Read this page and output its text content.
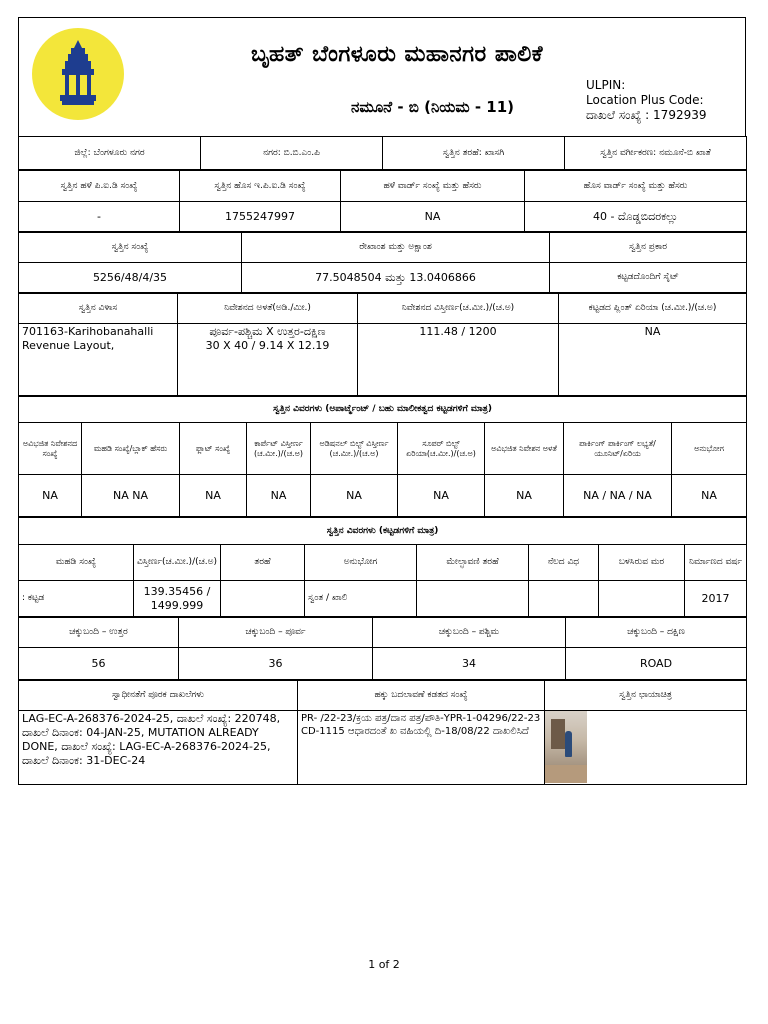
ಬೃಹತ್ ಬೆಂಗಳೂರು ಮಹಾನಗರ ಪಾಲಿಕೆ
ನಮೂನೆ - ಬಿ (ನಿಯಮ - 11)
ULPIN:
Location Plus Code:
ದಾಖಲೆ ಸಂಖ್ಯೆ : 1792939
ಜಿಲ್ಲೆ: ಬೆಂಗಳೂರು ನಗರ	ನಗರ: ಬಿ.ಬಿ.ಎಂ.ಪಿ	ಸ್ವತ್ತಿನ ತರಹೆ: ಖಾಸಗಿ	ಸ್ವತ್ತಿನ ವರ್ಗೀಕರಣ: ನಮೂನೆ-ಬಿ ಖಾತೆ
ಸ್ವತ್ತಿನ ಹಳೆ ಪಿ.ಐ.ಡಿ ಸಂಖ್ಯೆ	ಸ್ವತ್ತಿನ ಹೊಸ ಇ.ಪಿ.ಐ.ಡಿ ಸಂಖ್ಯೆ	ಹಳೆ ವಾರ್ಡ್ ಸಂಖ್ಯೆ ಮತ್ತು ಹೆಸರು	ಹೊಸ ವಾರ್ಡ್ ಸಂಖ್ಯೆ ಮತ್ತು ಹೆಸರು
-	1755247997	NA	40 - ದೊಡ್ಡಬಿದರಕಲ್ಲು
ಸ್ವತ್ತಿನ ಸಂಖ್ಯೆ	ರೇಖಾಂಶ ಮತ್ತು ಅಕ್ಷಾಂಶ	ಸ್ವತ್ತಿನ ಪ್ರಕಾರ
5256/48/4/35	77.5048504 ಮತ್ತು 13.0406866	ಕಟ್ಟಡದೊಂದಿಗೆ ಸೈಟ್
ಸ್ವತ್ತಿನ ವಿಳಾಸ	ನಿವೇಶನದ ಅಳತೆ(ಅಡಿ./ಮೀ.)	ನಿವೇಶನದ ವಿಸ್ತೀರ್ಣ(ಚ.ಮೀ.)/(ಚ.ಅ)	ಕಟ್ಟಡದ ಪ್ಲಿಂತ್ ಏರಿಯಾ (ಚ.ಮೀ.)/(ಚ.ಅ)
701163-Karihobanahalli Revenue Layout,	ಪೂರ್ವ-ಪಶ್ಚಿಮ X ಉತ್ತರ-ದಕ್ಷಿಣ
30 X 40 / 9.14 X 12.19	111.48 / 1200	NA
ಸ್ವತ್ತಿನ ವಿವರಗಳು (ಅಪಾರ್ಟ್ಮೆಂಟ್ / ಬಹು ಮಾಲೀಕತ್ವದ ಕಟ್ಟಡಗಳಿಗೆ ಮಾತ್ರ)								
ಅವಿಭಜಿತ ನಿವೇಶನದ ಸಂಖ್ಯೆ	ಮಹಡಿ ಸಂಖ್ಯೆ/ಬ್ಲಾಕ್ ಹೆಸರು	ಫ್ಲಾಟ್ ಸಂಖ್ಯೆ	ಕಾರ್ಪೆಟ್ ವಿಸ್ತೀರ್ಣ (ಚ.ಮೀ.)/(ಚ.ಅ)	ಅಡಿಷನಲ್ ಬಿಲ್ಟ್ ವಿಸ್ತೀರ್ಣ (ಚ.ಮೀ.)/(ಚ.ಅ)	ಸೂಪರ್ ಬಿಲ್ಟ್ ಏರಿಯಾ(ಚ.ಮೀ.)/(ಚ.ಅ)	ಅವಿಭಜಿತ ನಿವೇಶನ ಅಳತೆ	ಪಾರ್ಕಿಂಗ್ ಪಾರ್ಕಿಂಗ್ ಲಭ್ಯತೆ/ಯೂನಿಟ್/ಏರಿಯ	ಅನುಭೋಗ
NA	NA NA	NA	NA	NA	NA	NA	NA / NA / NA	NA
ಸ್ವತ್ತಿನ ವಿವರಗಳು (ಕಟ್ಟಡಗಳಿಗೆ ಮಾತ್ರ)							
ಮಹಡಿ ಸಂಖ್ಯೆ	ವಿಸ್ತೀರ್ಣ(ಚ.ಮೀ.)/(ಚ.ಅ)	ತರಹೆ	ಅನುಭೋಗ	ಮೇಲ್ಛಾವಣಿ ತರಹೆ	ನೆಲದ ವಿಧ	ಬಳಸಿರುವ ಮರ	ನಿರ್ಮಾಣದ ವರ್ಷ
: ಕಟ್ಟಡ	139.35456 / 1499.999		ಸ್ವಂತ / ಖಾಲಿ				2017
ಚಕ್ಕುಬಂದಿ – ಉತ್ತರ	ಚಕ್ಕುಬಂದಿ – ಪೂರ್ವ	ಚಕ್ಕುಬಂದಿ – ಪಶ್ಚಿಮ	ಚಕ್ಕುಬಂದಿ – ದಕ್ಷಿಣ
56	36	34	ROAD
ಸ್ವಾಧೀನತೆಗೆ ಪೂರಕ ದಾಖಲೆಗಳು	ಹಕ್ಕು ಬದಲಾವಣೆ ಕಡತದ ಸಂಖ್ಯೆ	ಸ್ವತ್ತಿನ ಛಾಯಾಚಿತ್ರ
LAG-EC-A-268376-2024-25, ದಾಖಲೆ ಸಂಖ್ಯೆ: 220748, ದಾಖಲೆ ದಿನಾಂಕ: 04-JAN-25, MUTATION ALREADY DONE, ದಾಖಲೆ ಸಂಖ್ಯೆ: LAG-EC-A-268376-2024-25, ದಾಖಲೆ ದಿನಾಂಕ: 31-DEC-24	PR- /22-23/ಕ್ರಯ ಪತ್ರ/ದಾನ ಪತ್ರ/ಪೌತಿ-YPR-1-04296/22-23 CD-1115 ಆಧಾರದಂತೆ ಖ ವಹಿಯಲ್ಲಿ ದಿ-18/08/22 ದಾಖಲಿಸಿದೆ	
1 of 2
